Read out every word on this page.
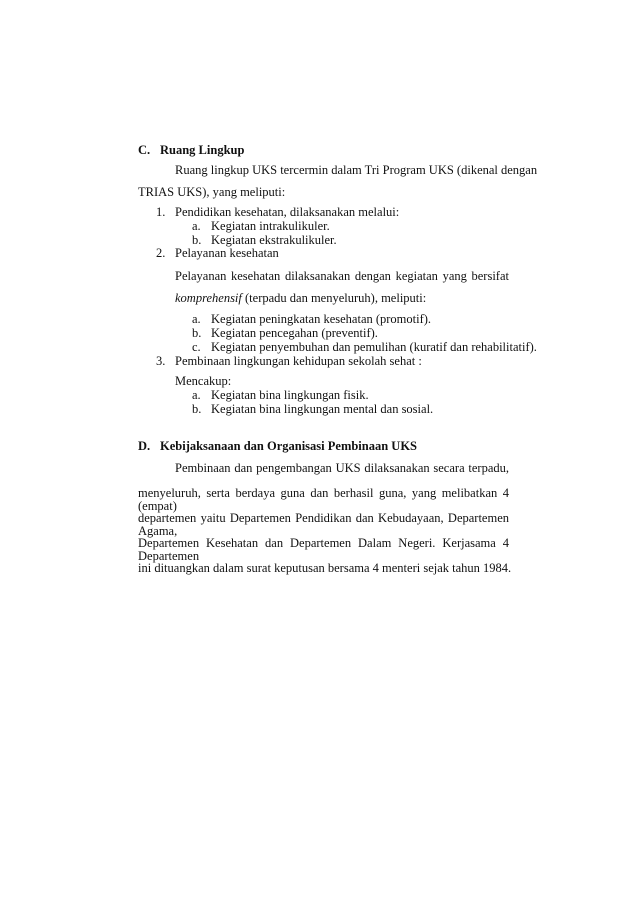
C. Ruang Lingkup
Ruang lingkup UKS tercermin dalam Tri Program UKS (dikenal dengan
TRIAS UKS), yang meliputi:
1. Pendidikan kesehatan, dilaksanakan melalui:
a. Kegiatan intrakulikuler.
b. Kegiatan ekstrakulikuler.
2. Pelayanan kesehatan
Pelayanan kesehatan dilaksanakan dengan kegiatan yang bersifat
komprehensif (terpadu dan menyeluruh), meliputi:
a. Kegiatan peningkatan kesehatan (promotif).
b. Kegiatan pencegahan (preventif).
c. Kegiatan penyembuhan dan pemulihan (kuratif dan rehabilitatif).
3. Pembinaan lingkungan kehidupan sekolah sehat :
Mencakup:
a. Kegiatan bina lingkungan fisik.
b. Kegiatan bina lingkungan mental dan sosial.
D. Kebijaksanaan dan Organisasi Pembinaan UKS
Pembinaan dan pengembangan UKS dilaksanakan secara terpadu,
menyeluruh, serta berdaya guna dan berhasil guna, yang melibatkan 4 (empat)
departemen yaitu Departemen Pendidikan dan Kebudayaan, Departemen Agama,
Departemen Kesehatan dan Departemen Dalam Negeri. Kerjasama 4 Departemen
ini dituangkan dalam surat keputusan bersama 4 menteri sejak tahun 1984.
